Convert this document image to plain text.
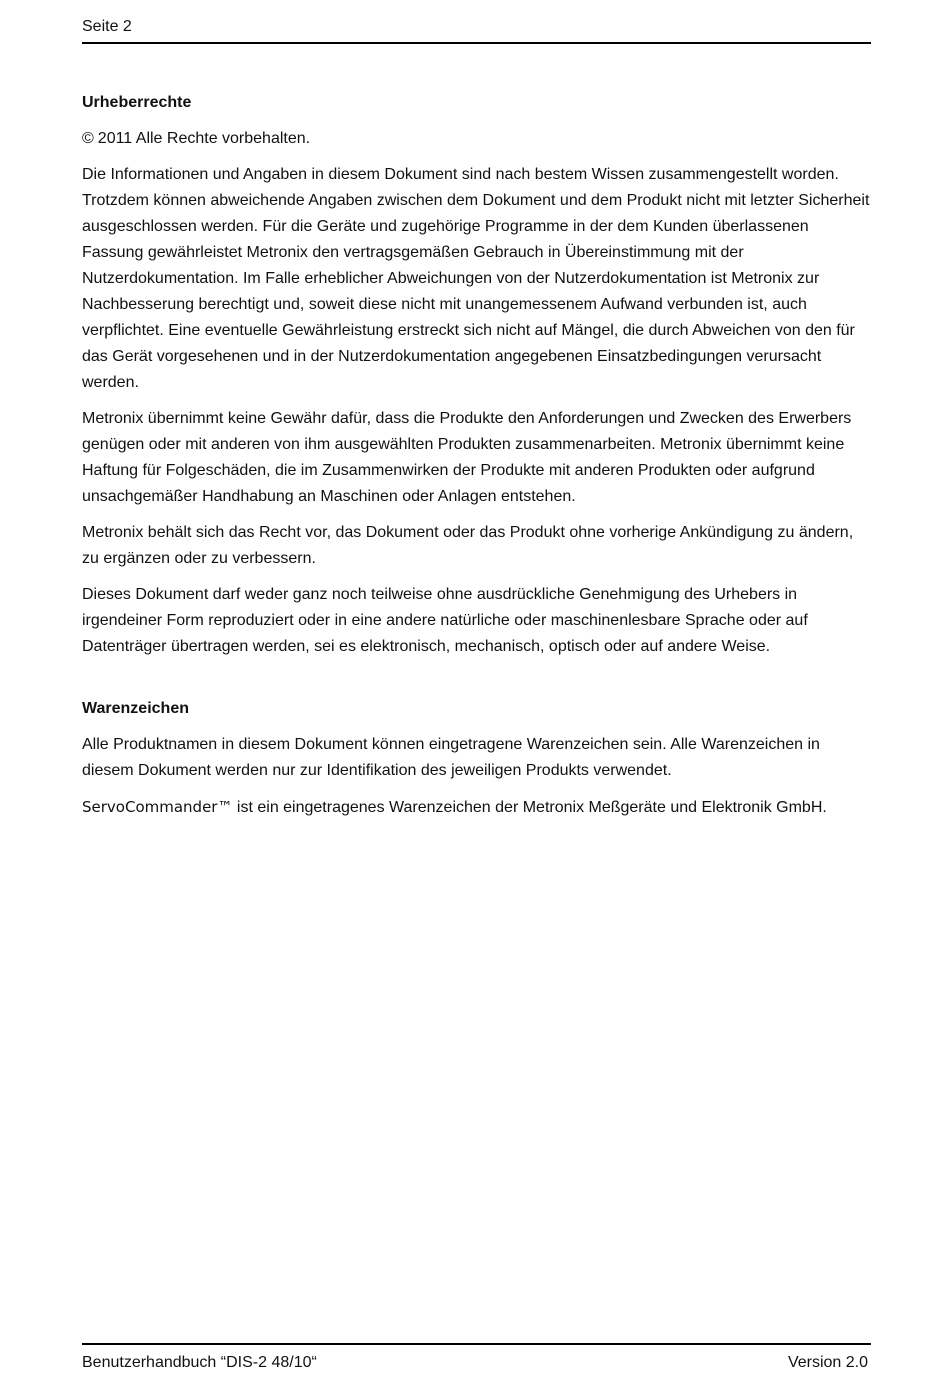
Seite 2

Urheberrechte

© 2011 Alle Rechte vorbehalten.

Die Informationen und Angaben in diesem Dokument sind nach bestem Wissen zusammengestellt worden. Trotzdem können abweichende Angaben zwischen dem Dokument und dem Produkt nicht mit letzter Sicherheit ausgeschlossen werden. Für die Geräte und zugehörige Programme in der dem Kunden überlassenen Fassung gewährleistet Metronix den vertragsgemäßen Gebrauch in Übereinstimmung mit der Nutzerdokumentation. Im Falle erheblicher Abweichungen von der Nutzerdokumentation ist Metronix zur Nachbesserung berechtigt und, soweit diese nicht mit unangemessenem Aufwand verbunden ist, auch verpflichtet. Eine eventuelle Gewährleistung erstreckt sich nicht auf Mängel, die durch Abweichen von den für das Gerät vorgesehenen und in der Nutzerdokumentation angegebenen Einsatzbedingungen verursacht werden.

Metronix übernimmt keine Gewähr dafür, dass die Produkte den Anforderungen und Zwecken des Erwerbers genügen oder mit anderen von ihm ausgewählten Produkten zusammenarbeiten. Metronix übernimmt keine Haftung für Folgeschäden, die im Zusammenwirken der Produkte mit anderen Produkten oder aufgrund unsachgemäßer Handhabung an Maschinen oder Anlagen entstehen.

Metronix behält sich das Recht vor, das Dokument oder das Produkt ohne vorherige Ankündigung zu ändern, zu ergänzen oder zu verbessern.

Dieses Dokument darf weder ganz noch teilweise ohne ausdrückliche Genehmigung des Urhebers in irgendeiner Form reproduziert oder in eine andere natürliche oder maschinenlesbare Sprache oder auf Datenträger übertragen werden, sei es elektronisch, mechanisch, optisch oder auf andere Weise.

Warenzeichen

Alle Produktnamen in diesem Dokument können eingetragene Warenzeichen sein. Alle Warenzeichen in diesem Dokument werden nur zur Identifikation des jeweiligen Produkts verwendet.

ServoCommander™ ist ein eingetragenes Warenzeichen der Metronix Meßgeräte und Elektronik GmbH.

Benutzerhandbuch “DIS-2 48/10“	Version 2.0
